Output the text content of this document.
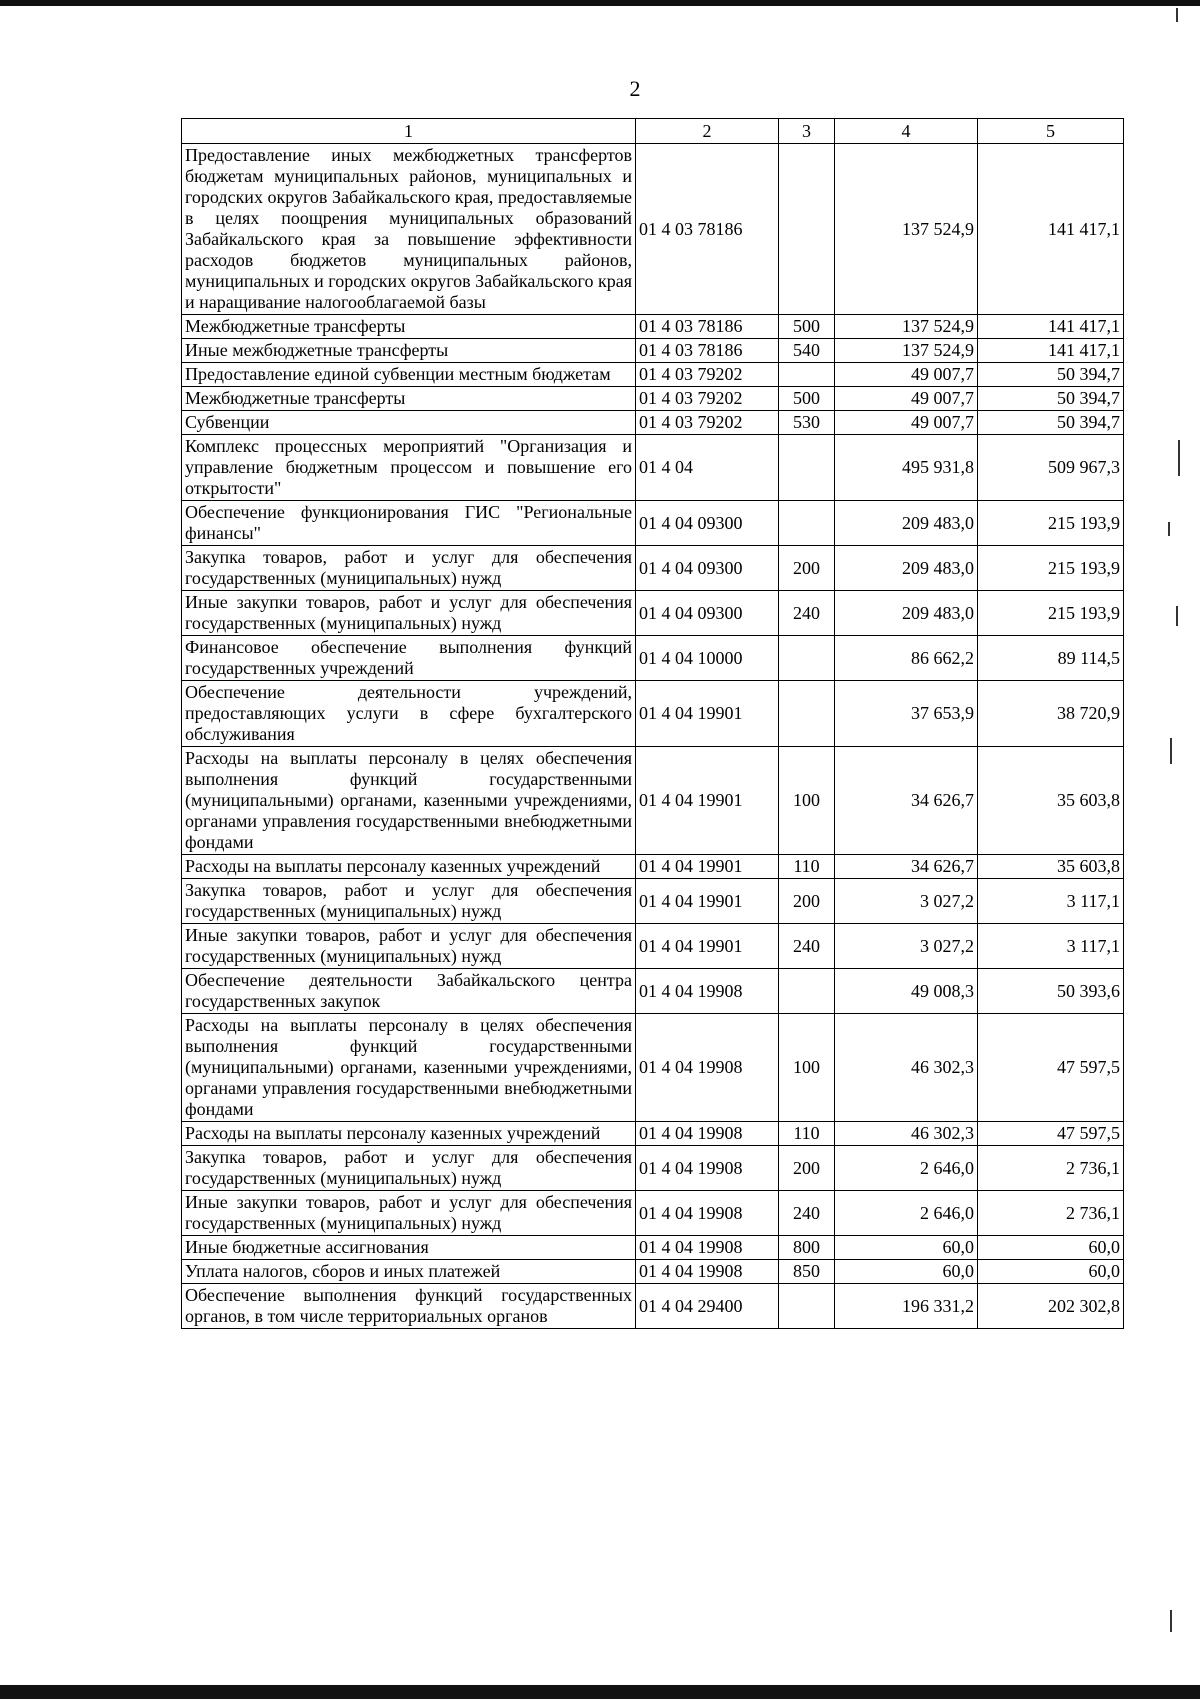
2
1	2	3	4	5
Предоставление иных межбюджетных трансфертов бюджетам муниципальных районов, муниципальных и городских округов Забайкальского края, предоставляемые в целях поощрения муниципальных образований Забайкальского края за повышение эффективности расходов бюджетов муниципальных районов, муниципальных и городских округов Забайкальского края и наращивание налогооблагаемой базы	01 4 03 78186		137 524,9	141 417,1
Межбюджетные трансферты	01 4 03 78186	500	137 524,9	141 417,1
Иные межбюджетные трансферты	01 4 03 78186	540	137 524,9	141 417,1
Предоставление единой субвенции местным бюджетам	01 4 03 79202		49 007,7	50 394,7
Межбюджетные трансферты	01 4 03 79202	500	49 007,7	50 394,7
Субвенции	01 4 03 79202	530	49 007,7	50 394,7
Комплекс процессных мероприятий "Организация и управление бюджетным процессом и повышение его открытости"	01 4 04		495 931,8	509 967,3
Обеспечение функционирования ГИС "Региональные финансы"	01 4 04 09300		209 483,0	215 193,9
Закупка товаров, работ и услуг для обеспечения государственных (муниципальных) нужд	01 4 04 09300	200	209 483,0	215 193,9
Иные закупки товаров, работ и услуг для обеспечения государственных (муниципальных) нужд	01 4 04 09300	240	209 483,0	215 193,9
Финансовое обеспечение выполнения функций государственных учреждений	01 4 04 10000		86 662,2	89 114,5
Обеспечение деятельности учреждений, предоставляющих услуги в сфере бухгалтерского обслуживания	01 4 04 19901		37 653,9	38 720,9
Расходы на выплаты персоналу в целях обеспечения выполнения функций государственными (муниципальными) органами, казенными учреждениями, органами управления государственными внебюджетными фондами	01 4 04 19901	100	34 626,7	35 603,8
Расходы на выплаты персоналу казенных учреждений	01 4 04 19901	110	34 626,7	35 603,8
Закупка товаров, работ и услуг для обеспечения государственных (муниципальных) нужд	01 4 04 19901	200	3 027,2	3 117,1
Иные закупки товаров, работ и услуг для обеспечения государственных (муниципальных) нужд	01 4 04 19901	240	3 027,2	3 117,1
Обеспечение деятельности Забайкальского центра государственных закупок	01 4 04 19908		49 008,3	50 393,6
Расходы на выплаты персоналу в целях обеспечения выполнения функций государственными (муниципальными) органами, казенными учреждениями, органами управления государственными внебюджетными фондами	01 4 04 19908	100	46 302,3	47 597,5
Расходы на выплаты персоналу казенных учреждений	01 4 04 19908	110	46 302,3	47 597,5
Закупка товаров, работ и услуг для обеспечения государственных (муниципальных) нужд	01 4 04 19908	200	2 646,0	2 736,1
Иные закупки товаров, работ и услуг для обеспечения государственных (муниципальных) нужд	01 4 04 19908	240	2 646,0	2 736,1
Иные бюджетные ассигнования	01 4 04 19908	800	60,0	60,0
Уплата налогов, сборов и иных платежей	01 4 04 19908	850	60,0	60,0
Обеспечение выполнения функций государственных органов, в том числе территориальных органов	01 4 04 29400		196 331,2	202 302,8
